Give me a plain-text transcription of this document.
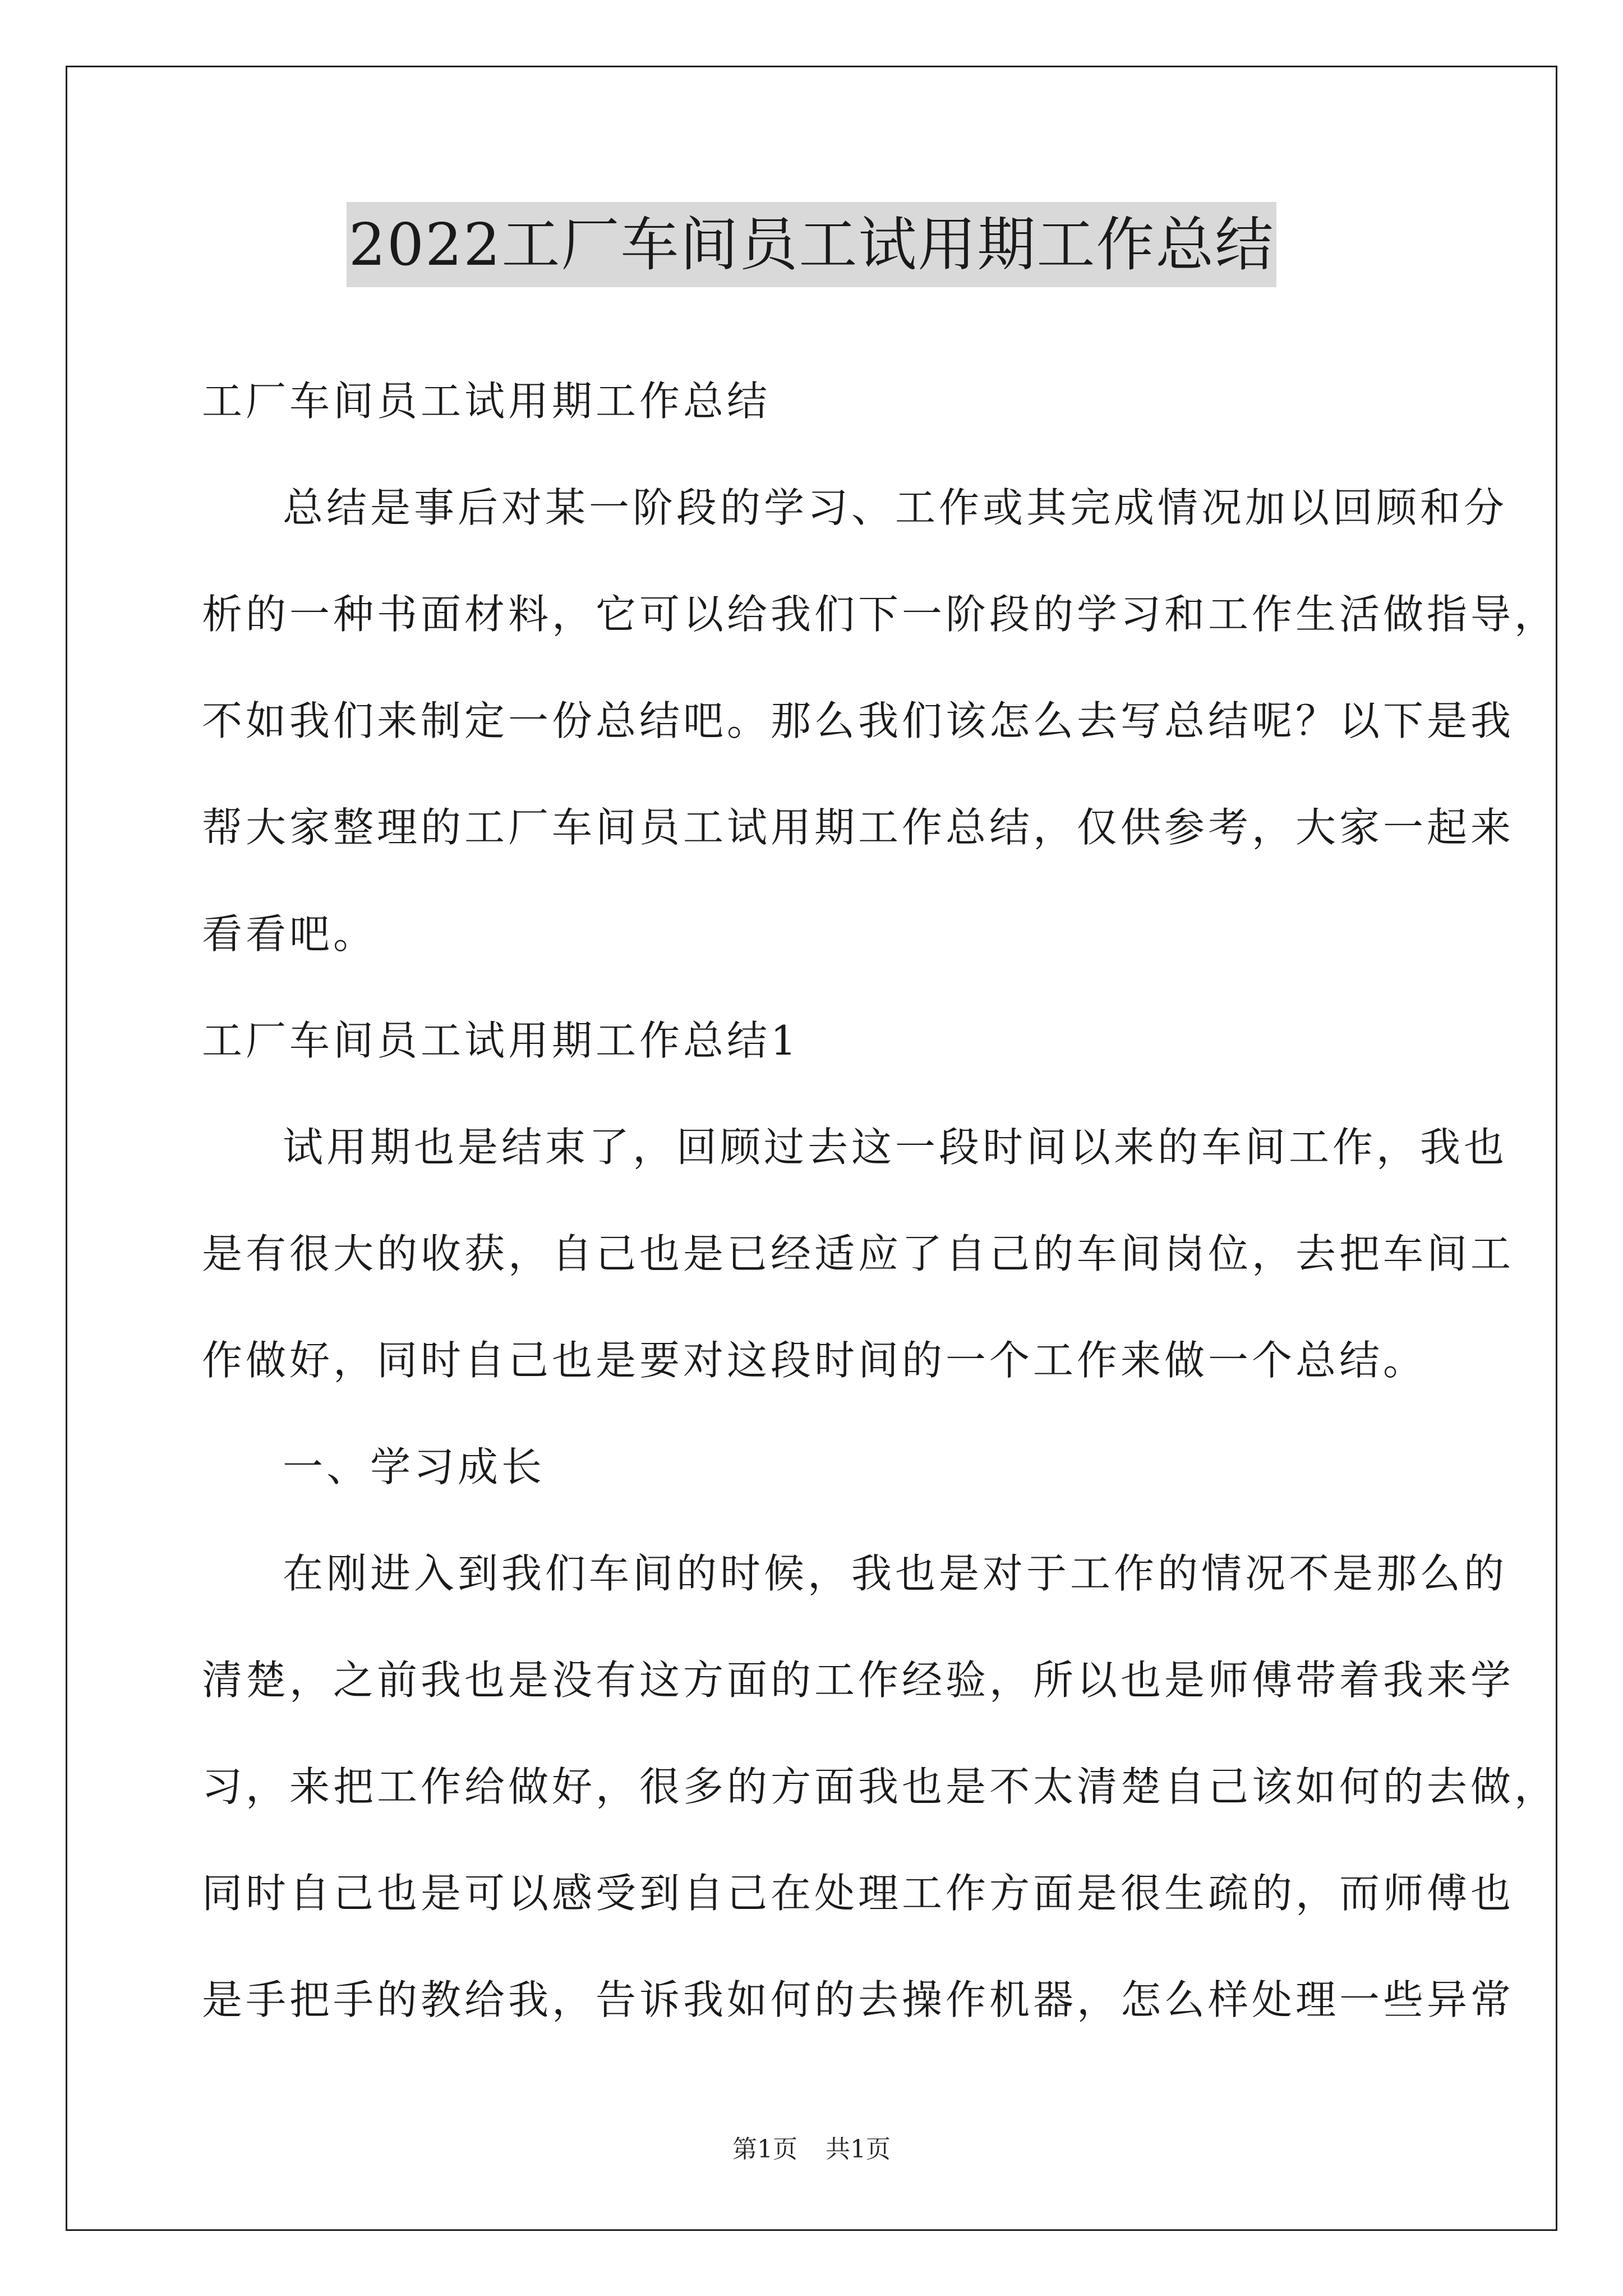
2022工厂车间员工试用期工作总结
工厂车间员工试用期工作总结
总结是事后对某一阶段的学习、工作或其完成情况加以回顾和分
析的一种书面材料，它可以给我们下一阶段的学习和工作生活做指导，
不如我们来制定一份总结吧。那么我们该怎么去写总结呢？以下是我
帮大家整理的工厂车间员工试用期工作总结，仅供参考，大家一起来
看看吧。
工厂车间员工试用期工作总结1
试用期也是结束了，回顾过去这一段时间以来的车间工作，我也
是有很大的收获，自己也是已经适应了自己的车间岗位，去把车间工
作做好，同时自己也是要对这段时间的一个工作来做一个总结。
一、学习成长
在刚进入到我们车间的时候，我也是对于工作的情况不是那么的
清楚，之前我也是没有这方面的工作经验，所以也是师傅带着我来学
习，来把工作给做好，很多的方面我也是不太清楚自己该如何的去做，
同时自己也是可以感受到自己在处理工作方面是很生疏的，而师傅也
是手把手的教给我，告诉我如何的去操作机器，怎么样处理一些异常
第1页 共1页
